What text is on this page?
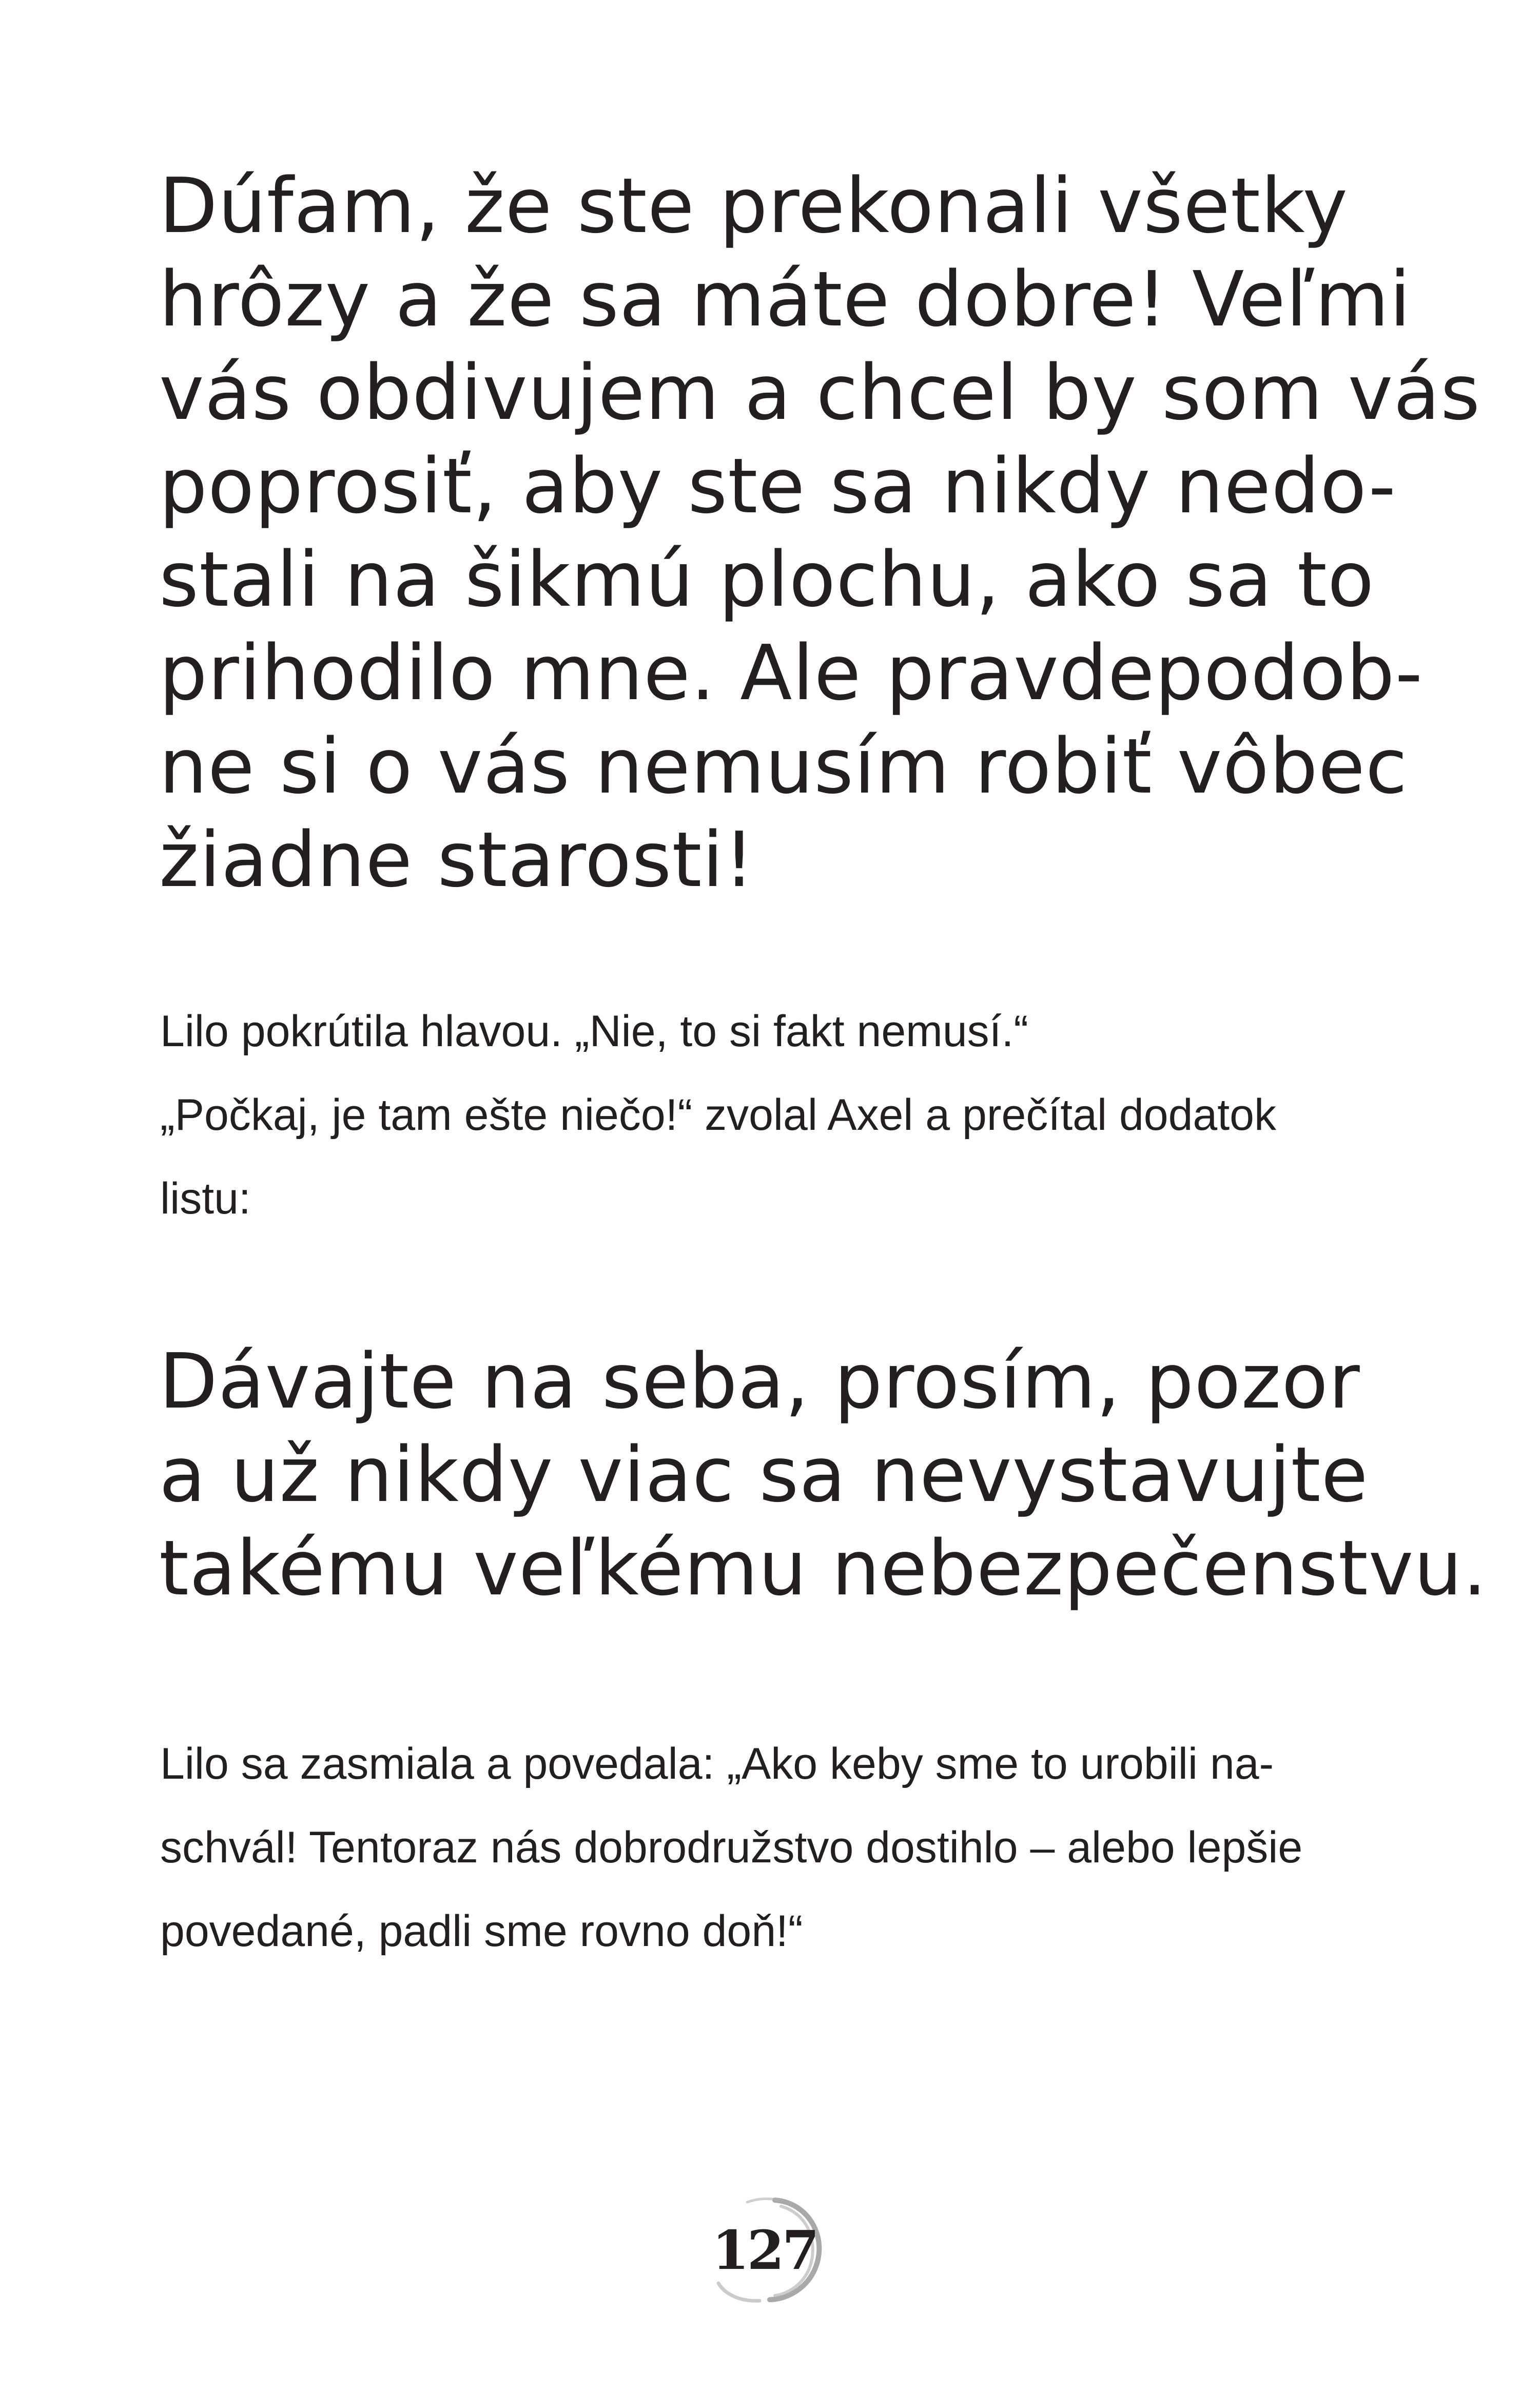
Dúfam, že ste prekonali všetky
hrôzy a že sa máte dobre! Veľmi
vás obdivujem a chcel by som vás
poprosiť, aby ste sa nikdy nedo-
stali na šikmú plochu, ako sa to
prihodilo mne. Ale pravdepodob-
ne si o vás nemusím robiť vôbec
žiadne starosti!
Lilo pokrútila hlavou. „Nie, to si fakt nemusí.“
„Počkaj, je tam ešte niečo!“ zvolal Axel a prečítal dodatok
listu:
Dávajte na seba, prosím, pozor
a už nikdy viac sa nevystavujte
takému veľkému nebezpečenstvu.
Lilo sa zasmiala a povedala: „Ako keby sme to urobili na-
schvál! Tentoraz nás dobrodružstvo dostihlo – alebo lepšie
povedané, padli sme rovno doň!“
127
